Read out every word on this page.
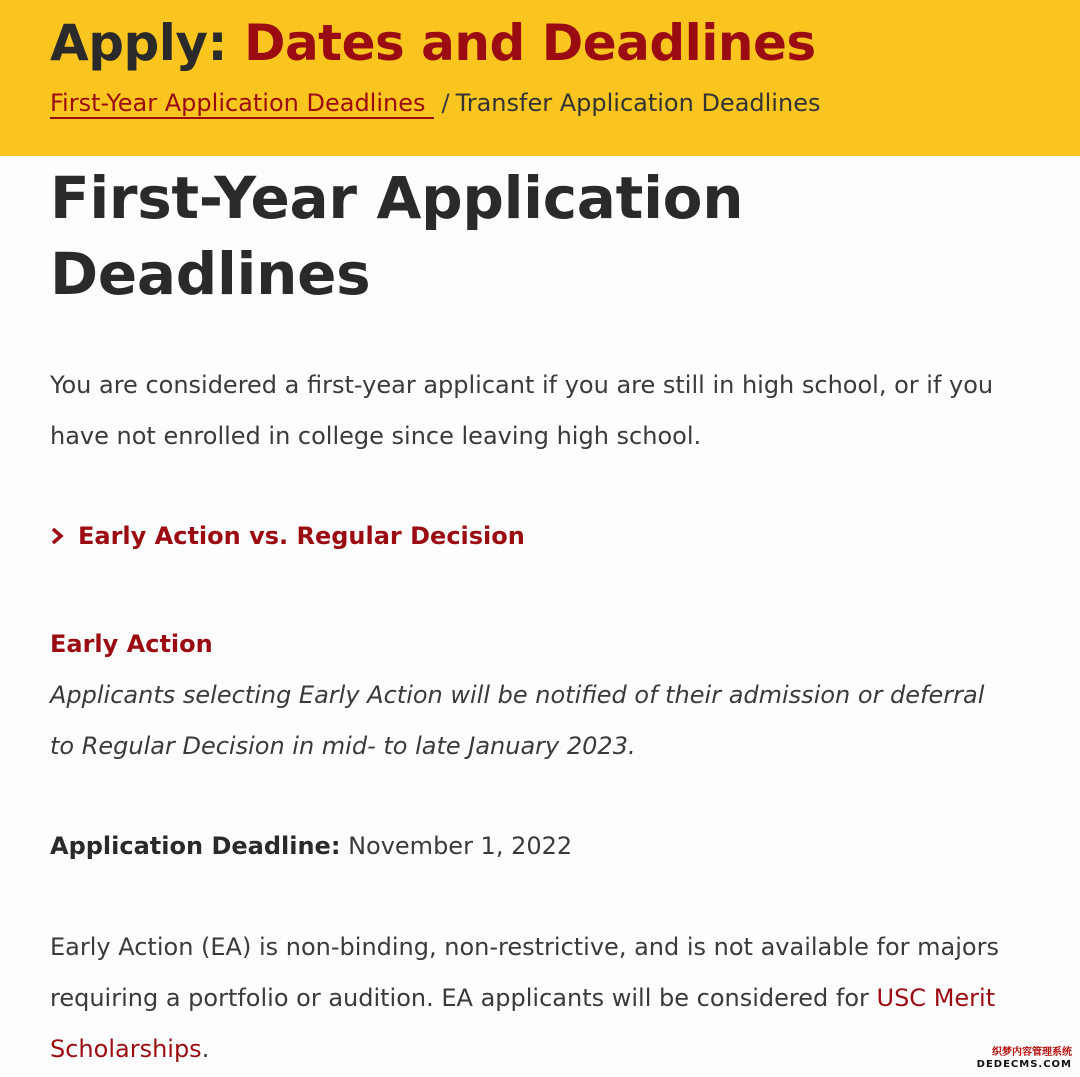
Apply: Dates and Deadlines
First-Year Application Deadlines / Transfer Application Deadlines
First-Year Application Deadlines

You are considered a first-year applicant if you are still in high school, or if you have not enrolled in college since leaving high school.

Early Action vs. Regular Decision
Early Action

Applicants selecting Early Action will be notified of their admission or deferral to Regular Decision in mid- to late January 2023.

Application Deadline: November 1, 2022

Early Action (EA) is non-binding, non-restrictive, and is not available for majors requiring a portfolio or audition. EA applicants will be considered for USC Merit Scholarships.	织梦内容管理系统
DEDECMS.COM
